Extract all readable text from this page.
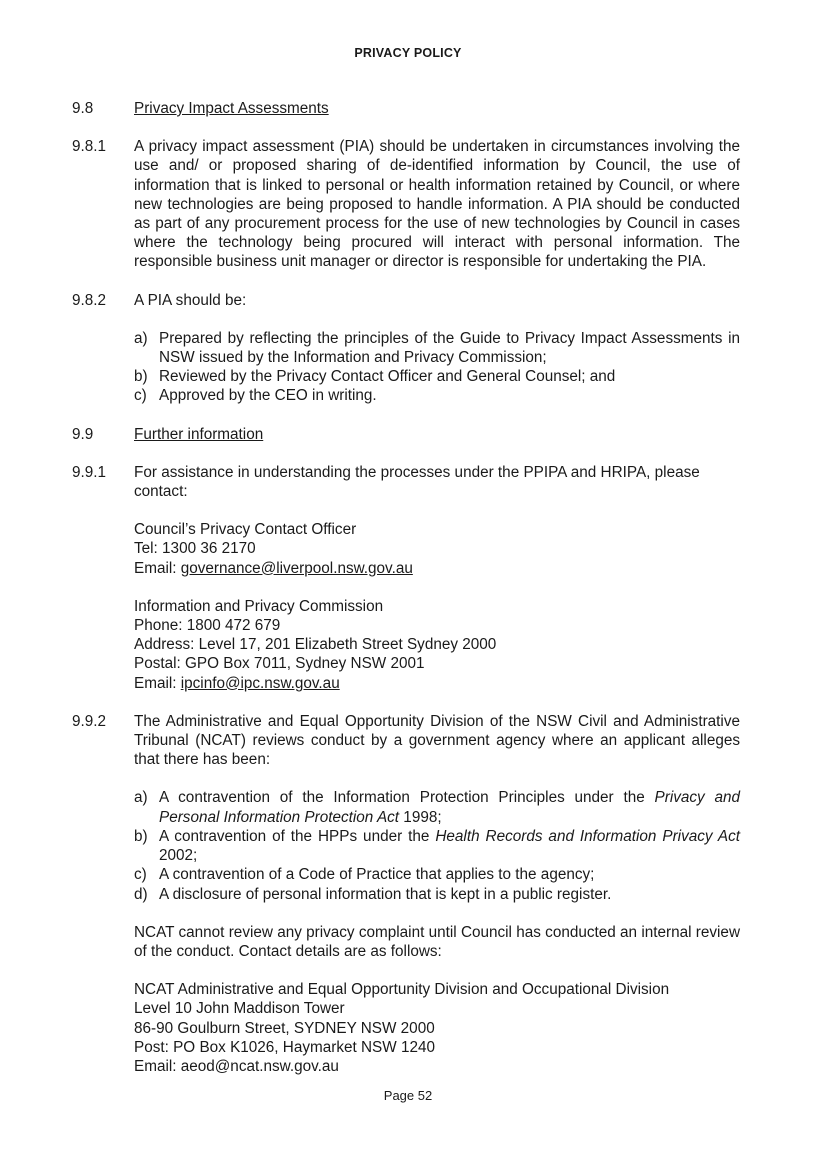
PRIVACY POLICY
9.8	Privacy Impact Assessments
9.8.1	A privacy impact assessment (PIA) should be undertaken in circumstances involving the use and/ or proposed sharing of de-identified information by Council, the use of information that is linked to personal or health information retained by Council, or where new technologies are being proposed to handle information. A PIA should be conducted as part of any procurement process for the use of new technologies by Council in cases where the technology being procured will interact with personal information. The responsible business unit manager or director is responsible for undertaking the PIA.

9.8.2	A PIA should be:

a) Prepared by reflecting the principles of the Guide to Privacy Impact Assessments in NSW issued by the Information and Privacy Commission;
b) Reviewed by the Privacy Contact Officer and General Counsel; and
c) Approved by the CEO in writing.
9.9	Further information
9.9.1	For assistance in understanding the processes under the PPIPA and HRIPA, please contact:

Council’s Privacy Contact Officer
Tel: 1300 36 2170
Email: governance@liverpool.nsw.gov.au
Information and Privacy Commission
Phone: 1800 472 679
Address: Level 17, 201 Elizabeth Street Sydney 2000
Postal: GPO Box 7011, Sydney NSW 2001
Email: ipcinfo@ipc.nsw.gov.au
9.9.2	The Administrative and Equal Opportunity Division of the NSW Civil and Administrative Tribunal (NCAT) reviews conduct by a government agency where an applicant alleges that there has been:

a) A contravention of the Information Protection Principles under the Privacy and Personal Information Protection Act 1998;
b) A contravention of the HPPs under the Health Records and Information Privacy Act 2002;
c) A contravention of a Code of Practice that applies to the agency;
d) A disclosure of personal information that is kept in a public register.

NCAT cannot review any privacy complaint until Council has conducted an internal review of the conduct. Contact details are as follows:

NCAT Administrative and Equal Opportunity Division and Occupational Division
Level 10 John Maddison Tower
86-90 Goulburn Street, SYDNEY NSW 2000
Post: PO Box K1026, Haymarket NSW 1240
Email: aeod@ncat.nsw.gov.au
Page 52
